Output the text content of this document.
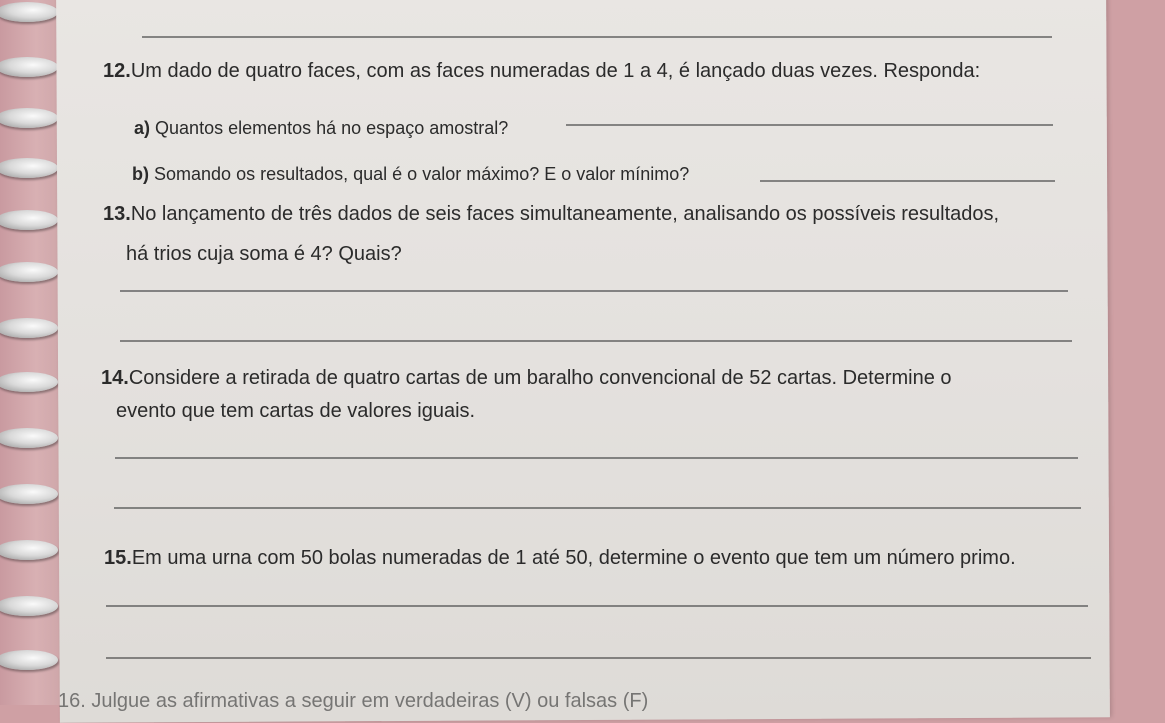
12.Um dado de quatro faces, com as faces numeradas de 1 a 4, é lançado duas vezes. Responda:
a) Quantos elementos há no espaço amostral?
b) Somando os resultados, qual é o valor máximo? E o valor mínimo?
13.No lançamento de três dados de seis faces simultaneamente, analisando os possíveis resultados,
há trios cuja soma é 4? Quais?
14.Considere a retirada de quatro cartas de um baralho convencional de 52 cartas. Determine o
evento que tem cartas de valores iguais.
15.Em uma urna com 50 bolas numeradas de 1 até 50, determine o evento que tem um número primo.
16. Julgue as afirmativas a seguir em verdadeiras (V) ou falsas (F)
